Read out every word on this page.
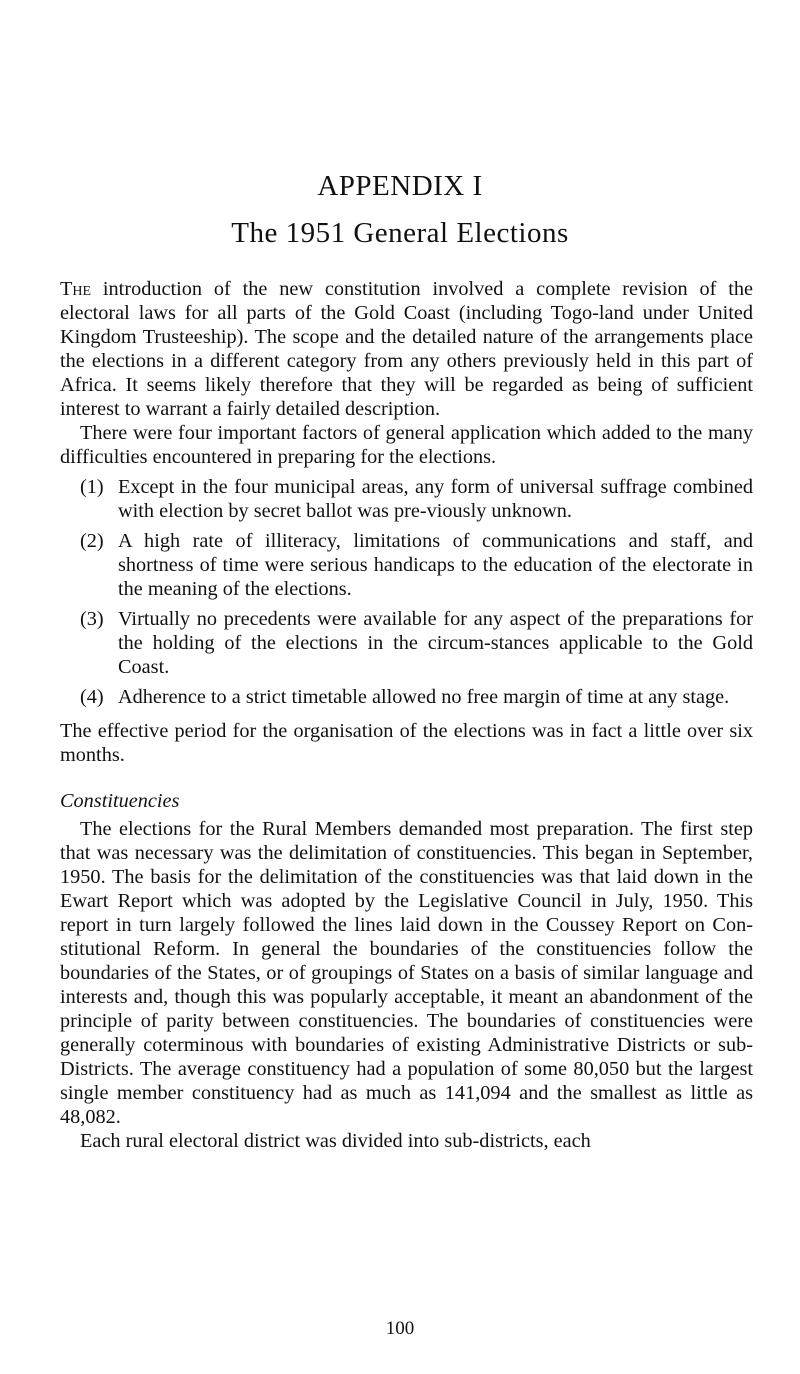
APPENDIX I
The 1951 General Elections

The introduction of the new constitution involved a complete revision of the electoral laws for all parts of the Gold Coast (including Togo-land under United Kingdom Trusteeship). The scope and the detailed nature of the arrangements place the elections in a different category from any others previously held in this part of Africa. It seems likely therefore that they will be regarded as being of sufficient interest to warrant a fairly detailed description.

There were four important factors of general application which added to the many difficulties encountered in preparing for the elections.

(1) Except in the four municipal areas, any form of universal suffrage combined with election by secret ballot was pre-viously unknown.
(2) A high rate of illiteracy, limitations of communications and staff, and shortness of time were serious handicaps to the education of the electorate in the meaning of the elections.
(3) Virtually no precedents were available for any aspect of the preparations for the holding of the elections in the circum-stances applicable to the Gold Coast.
(4) Adherence to a strict timetable allowed no free margin of time at any stage.

The effective period for the organisation of the elections was in fact a little over six months.

Constituencies

The elections for the Rural Members demanded most preparation. The first step that was necessary was the delimitation of constituencies. This began in September, 1950. The basis for the delimitation of the constituencies was that laid down in the Ewart Report which was adopted by the Legislative Council in July, 1950. This report in turn largely followed the lines laid down in the Coussey Report on Con-stitutional Reform. In general the boundaries of the constituencies follow the boundaries of the States, or of groupings of States on a basis of similar language and interests and, though this was popularly acceptable, it meant an abandonment of the principle of parity between constituencies. The boundaries of constituencies were generally coterminous with boundaries of existing Administrative Districts or sub-Districts. The average constituency had a population of some 80,050 but the largest single member constituency had as much as 141,094 and the smallest as little as 48,082.

Each rural electoral district was divided into sub-districts, each

100
